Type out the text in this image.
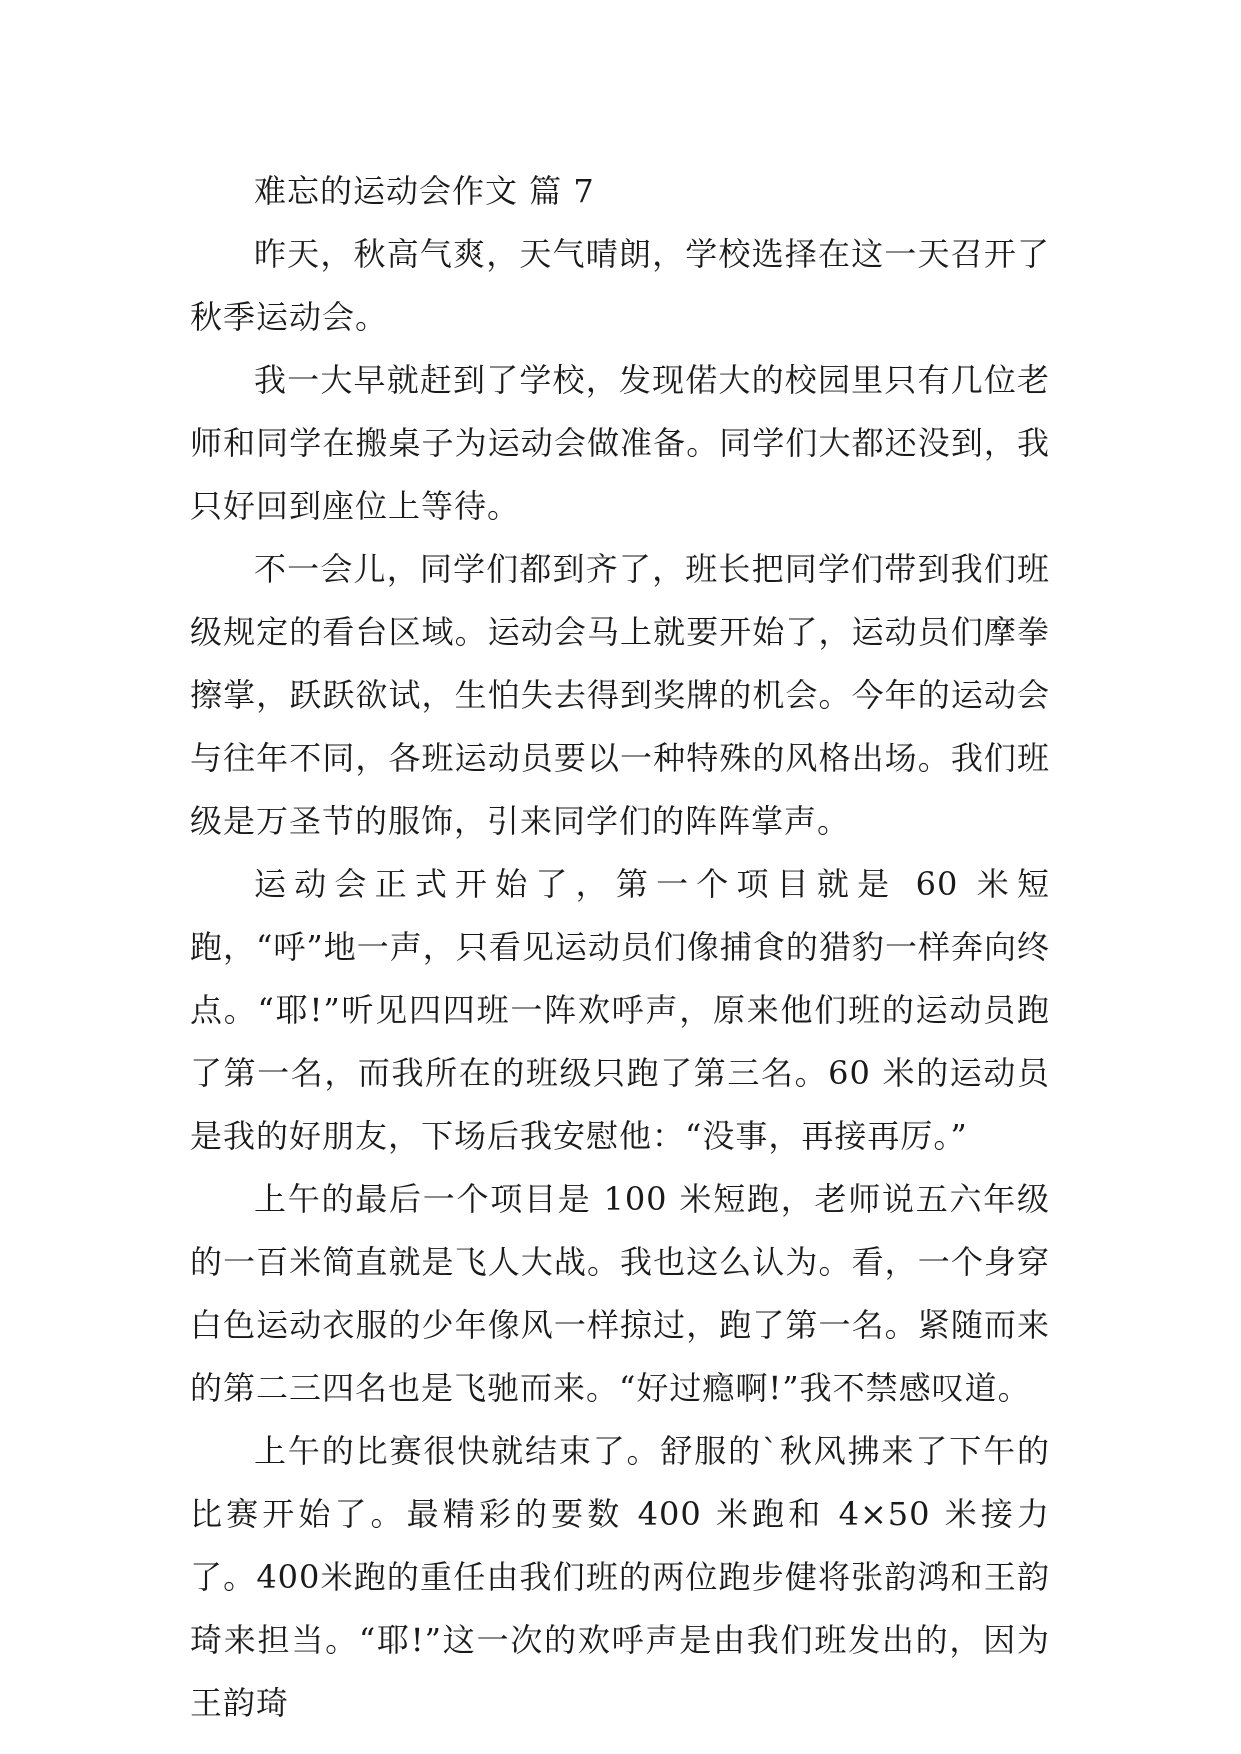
难忘的运动会作文 篇 7

昨天，秋高气爽，天气晴朗，学校选择在这一天召开了秋季运动会。

我一大早就赶到了学校，发现偌大的校园里只有几位老师和同学在搬桌子为运动会做准备。同学们大都还没到，我只好回到座位上等待。

不一会儿，同学们都到齐了，班长把同学们带到我们班级规定的看台区域。运动会马上就要开始了，运动员们摩拳擦掌，跃跃欲试，生怕失去得到奖牌的机会。今年的运动会与往年不同，各班运动员要以一种特殊的风格出场。我们班级是万圣节的服饰，引来同学们的阵阵掌声。

运动会正式开始了，第一个项目就是 60 米短跑，“呼”地一声，只看见运动员们像捕食的猎豹一样奔向终点。“耶!”听见四四班一阵欢呼声，原来他们班的运动员跑了第一名，而我所在的班级只跑了第三名。60 米的运动员是我的好朋友，下场后我安慰他：“没事，再接再厉。”

上午的最后一个项目是 100 米短跑，老师说五六年级的一百米简直就是飞人大战。我也这么认为。看，一个身穿白色运动衣服的少年像风一样掠过，跑了第一名。紧随而来的第二三四名也是飞驰而来。“好过瘾啊!”我不禁感叹道。

上午的比赛很快就结束了。舒服的`秋风拂来了下午的比赛开始了。最精彩的要数 400 米跑和 4×50 米接力了。400米跑的重任由我们班的两位跑步健将张韵鸿和王韵琦来担当。“耶!”这一次的欢呼声是由我们班发出的，因为王韵琦
